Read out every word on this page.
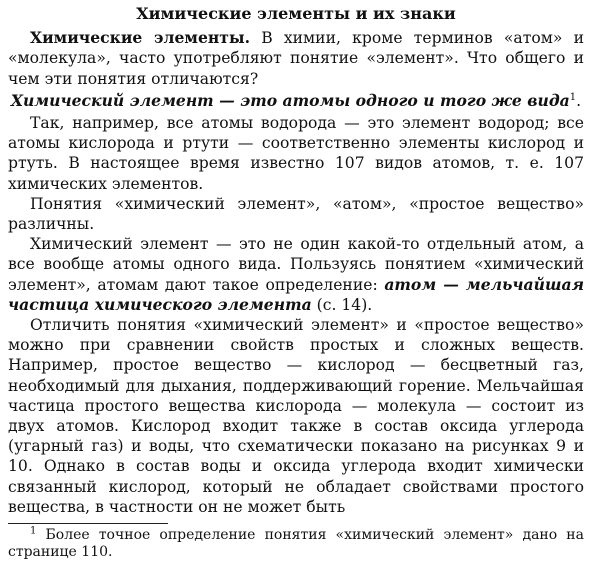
Химические элементы и их знаки

Химические элементы. В химии, кроме терминов «атом» и «молекула», часто употребляют понятие «элемент». Что общего и чем эти понятия отличаются?

Химический элемент — это атомы одного и того же вида$^1$.

Так, например, все атомы водорода — это элемент водород; все атомы кислорода и ртути — соответственно элементы кислород и ртуть. В настоящее время известно 107 видов атомов, т. е. 107 химических элементов.

Понятия «химический элемент», «атом», «простое вещество» различны.

Химический элемент — это не один какой-то отдельный атом, а все вообще атомы одного вида. Пользуясь понятием «химический элемент», атомам дают такое определение: атом — мельчайшая частица химического элемента (с. 14).

Отличить понятия «химический элемент» и «простое вещество» можно при сравнении свойств простых и сложных веществ. Например, простое вещество — кислород — бесцветный газ, необходимый для дыхания, поддерживающий горение. Мельчайшая частица простого вещества кислорода — молекула — состоит из двух атомов. Кислород входит также в состав оксида углерода (угарный газ) и воды, что схематически показано на рисунках 9 и 10. Однако в состав воды и оксида углерода входит химически связанный кислород, который не обладает свойствами простого вещества, в частности он не может быть

$^1$ Более точное определение понятия «химический элемент» дано на странице 110.
